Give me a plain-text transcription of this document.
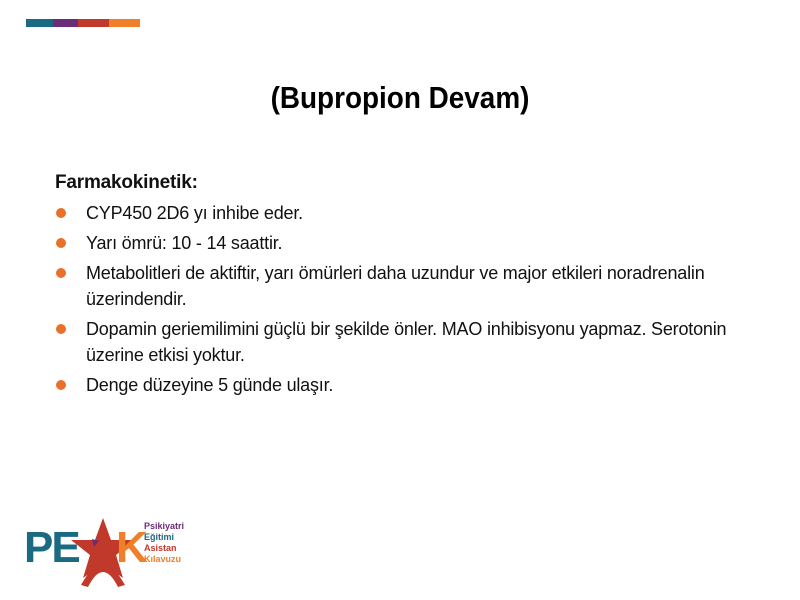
(Bupropion Devam)
Farmakokinetik:
CYP450 2D6 yı inhibe eder.
Yarı ömrü: 10 - 14 saattir.
Metabolitleri de aktiftir, yarı ömürleri daha uzundur ve major etkileri noradrenalin üzerindendir.
Dopamin geriemilimini güçlü bir şekilde önler. MAO inhibisyonu yapmaz. Serotonin üzerine etkisi yoktur.
Denge düzeyine 5 günde ulaşır.
PE K
Psikiyatri
Eğitimi
Asistan
Kılavuzu
